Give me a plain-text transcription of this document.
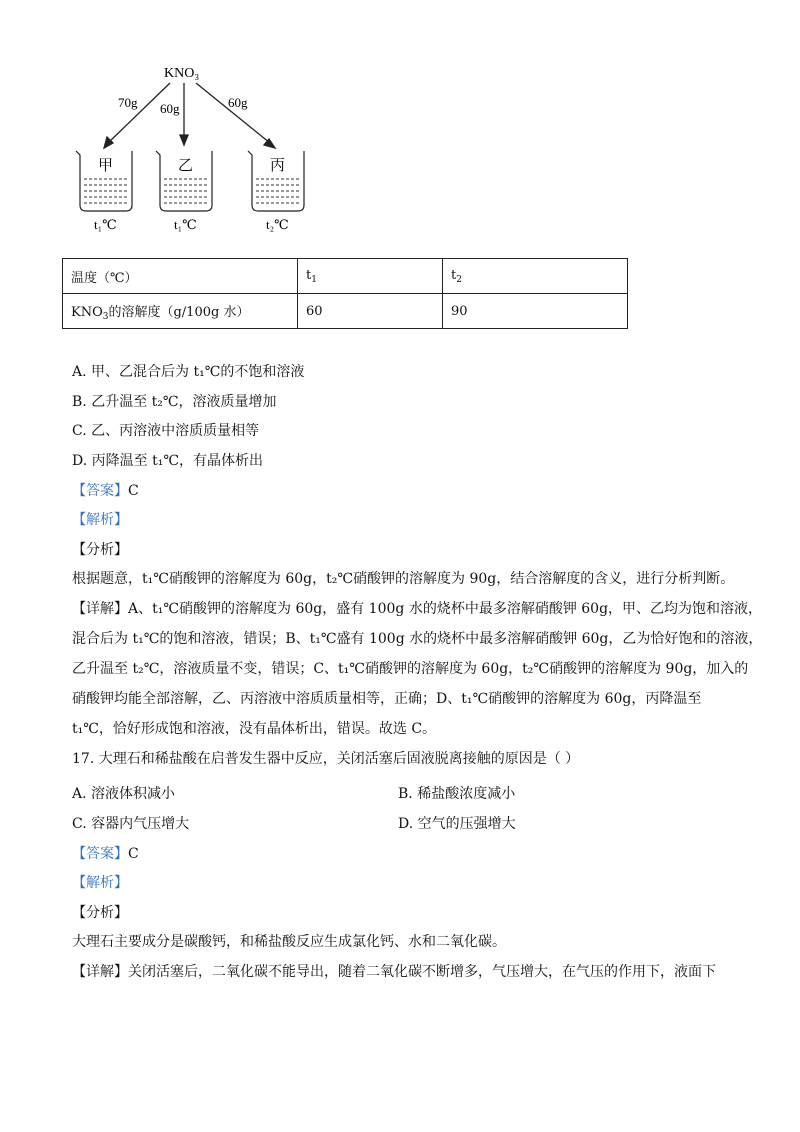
KNO₃
70g 60g	60g
甲
t₁℃
乙
t₁℃
丙
t₂℃
温度（℃）	$t_1$	$t_2$
$KNO_3$的溶解度（g/100g 水）	60	90
A. 甲、乙混合后为 t₁℃的不饱和溶液
B. 乙升温至 t₂℃，溶液质量增加
C. 乙、丙溶液中溶质质量相等
D. 丙降温至 t₁℃，有晶体析出
【答案】C
【解析】
【分析】
根据题意，t₁℃硝酸钾的溶解度为 60g，t₂℃硝酸钾的溶解度为 90g，结合溶解度的含义，进行分析判断。
【详解】A、t₁℃硝酸钾的溶解度为 60g，盛有 100g 水的烧杯中最多溶解硝酸钾 60g，甲、乙均为饱和溶液，
混合后为 t₁℃的饱和溶液，错误；B、t₁℃盛有 100g 水的烧杯中最多溶解硝酸钾 60g，乙为恰好饱和的溶液，
乙升温至 t₂℃，溶液质量不变，错误；C、t₁℃硝酸钾的溶解度为 60g，t₂℃硝酸钾的溶解度为 90g，加入的
硝酸钾均能全部溶解，乙、丙溶液中溶质质量相等，正确；D、t₁℃硝酸钾的溶解度为 60g，丙降温至
t₁℃，恰好形成饱和溶液，没有晶体析出，错误。故选 C。
17. 大理石和稀盐酸在启普发生器中反应，关闭活塞后固液脱离接触的原因是（ ）
A. 溶液体积减小	B. 稀盐酸浓度减小
C. 容器内气压增大	D. 空气的压强增大
【答案】C
【解析】
【分析】
大理石主要成分是碳酸钙，和稀盐酸反应生成氯化钙、水和二氧化碳。
【详解】关闭活塞后，二氧化碳不能导出，随着二氧化碳不断增多，气压增大，在气压的作用下，液面下
